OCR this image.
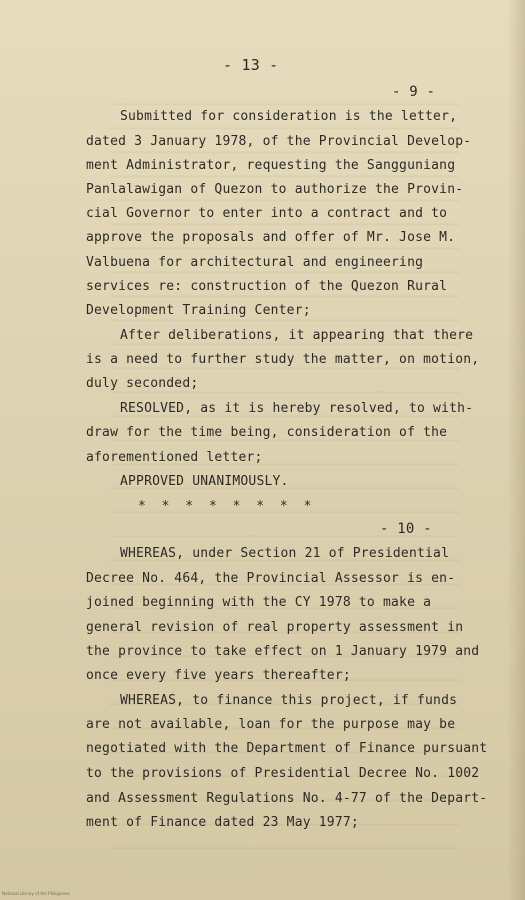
- 13 -
- 9 -
Submitted for consideration is the letter,
dated 3 January 1978, of the Provincial Develop-
ment Administrator, requesting the Sangguniang
Panlalawigan of Quezon to authorize the Provin-
cial Governor to enter into a contract and to
approve the proposals and offer of Mr. Jose M.
Valbuena for architectural and engineering
services re: construction of the Quezon Rural
Development Training Center;
After deliberations, it appearing that there
is a need to further study the matter, on motion,
duly seconded;
RESOLVED, as it is hereby resolved, to with-
draw for the time being, consideration of the
aforementioned letter;
APPROVED UNANIMOUSLY.
* * * * * * * *
- 10 -
WHEREAS, under Section 21 of Presidential
Decree No. 464, the Provincial Assessor is en-
joined beginning with the CY 1978 to make a
general revision of real property assessment in
the province to take effect on 1 January 1979 and
once every five years thereafter;
WHEREAS, to finance this project, if funds
are not available, loan for the purpose may be
negotiated with the Department of Finance pursuant
to the provisions of Presidential Decree No. 1002
and Assessment Regulations No. 4-77 of the Depart-
ment of Finance dated 23 May 1977;
National Library of the Philippines
